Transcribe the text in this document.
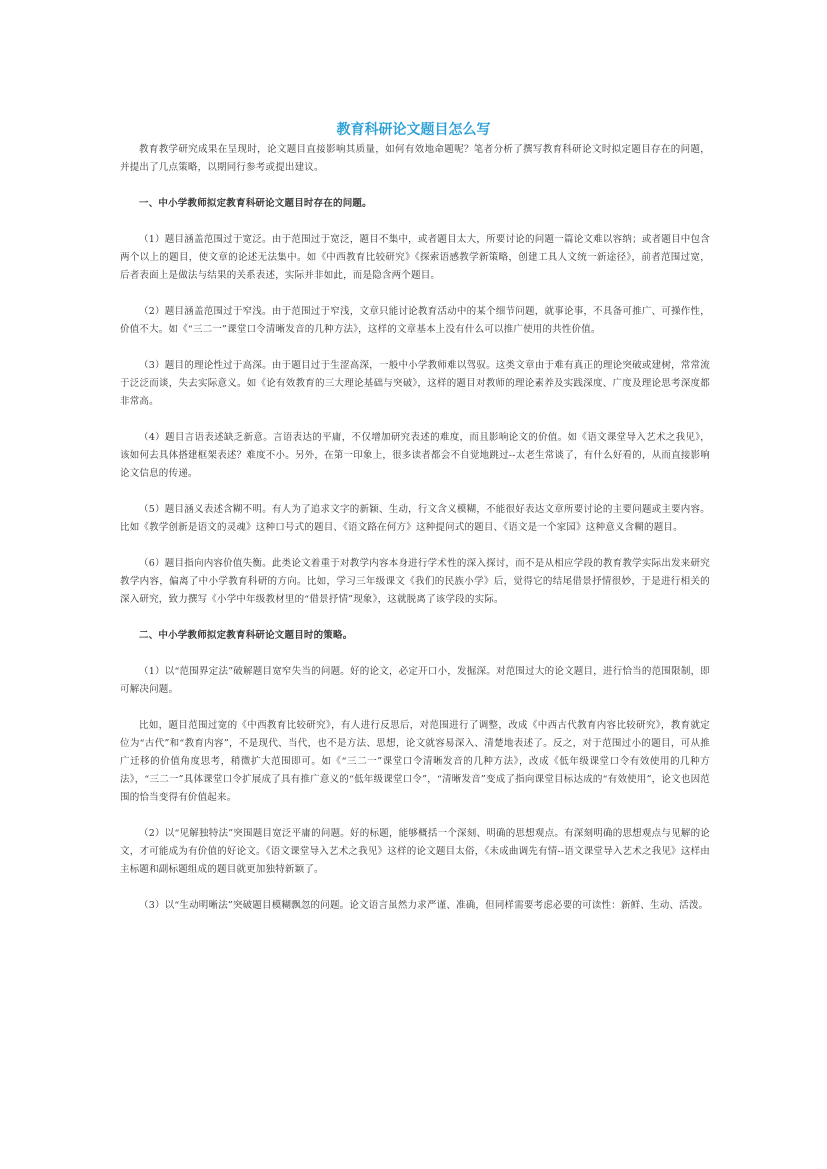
教育科研论文题目怎么写

教育教学研究成果在呈现时，论文题目直接影响其质量，如何有效地命题呢？笔者分析了撰写教育科研论文时拟定题目存在的问题，并提出了几点策略，以期同行参考或提出建议。

一、中小学教师拟定教育科研论文题目时存在的问题。

（1）题目涵盖范围过于宽泛。由于范围过于宽泛，题目不集中，或者题目太大，所要讨论的问题一篇论文难以容纳；或者题目中包含两个以上的题目，使文章的论述无法集中。如《中西教育比较研究》《探索语感教学新策略，创建工具人文统一新途径》，前者范围过宽，后者表面上是做法与结果的关系表述，实际并非如此，而是隐含两个题目。

（2）题目涵盖范围过于窄浅。由于范围过于窄浅，文章只能讨论教育活动中的某个细节问题，就事论事，不具备可推广、可操作性，价值不大。如《“三二一”课堂口令清晰发音的几种方法》，这样的文章基本上没有什么可以推广使用的共性价值。

（3）题目的理论性过于高深。由于题目过于生涩高深，一般中小学教师难以驾驭。这类文章由于难有真正的理论突破或建树，常常流于泛泛而谈，失去实际意义。如《论有效教育的三大理论基础与突破》，这样的题目对教师的理论素养及实践深度、广度及理论思考深度都非常高。

（4）题目言语表述缺乏新意。言语表达的平庸，不仅增加研究表述的难度，而且影响论文的价值。如《语文课堂导入艺术之我见》，该如何去具体搭建框架表述？难度不小。另外，在第一印象上，很多读者都会不自觉地跳过--太老生常谈了，有什么好看的，从而直接影响论文信息的传递。

（5）题目涵义表述含糊不明。有人为了追求文字的新颖、生动，行文含义模糊，不能很好表达文章所要讨论的主要问题或主要内容。比如《教学创新是语文的灵魂》这种口号式的题目、《语文路在何方》这种提问式的题目、《语文是一个家园》这种意义含糊的题目。

（6）题目指向内容价值失衡。此类论文着重于对教学内容本身进行学术性的深入探讨，而不是从相应学段的教育教学实际出发来研究教学内容，偏离了中小学教育科研的方向。比如，学习三年级课文《我们的民族小学》后，觉得它的结尾借景抒情很妙，于是进行相关的深入研究，致力撰写《小学中年级教材里的“借景抒情”现象》，这就脱离了该学段的实际。

二、中小学教师拟定教育科研论文题目时的策略。

（1）以“范围界定法”破解题目宽窄失当的问题。好的论文，必定开口小，发掘深。对范围过大的论文题目，进行恰当的范围限制，即可解决问题。

比如，题目范围过宽的《中西教育比较研究》，有人进行反思后，对范围进行了调整，改成《中西古代教育内容比较研究》，教育就定位为“古代”和“教育内容”，不是现代、当代，也不是方法、思想，论文就容易深入、清楚地表述了。反之，对于范围过小的题目，可从推广迁移的价值角度思考，稍微扩大范围即可。如《“三二一”课堂口令清晰发音的几种方法》，改成《低年级课堂口令有效使用的几种方法》，“三二一”具体课堂口令扩展成了具有推广意义的“低年级课堂口令”，“清晰发音”变成了指向课堂目标达成的“有效使用”，论文也因范围的恰当变得有价值起来。

（2）以“见解独特法”突围题目宽泛平庸的问题。好的标题，能够概括一个深刻、明确的思想观点。有深刻明确的思想观点与见解的论文，才可能成为有价值的好论文。《语文课堂导入艺术之我见》这样的论文题目太俗，《未成曲调先有情--语文课堂导入艺术之我见》这样由主标题和副标题组成的题目就更加独特新颖了。

（3）以“生动明晰法”突破题目模糊飘忽的问题。论文语言虽然力求严谨、准确，但同样需要考虑必要的可读性：新鲜、生动、活泼。
